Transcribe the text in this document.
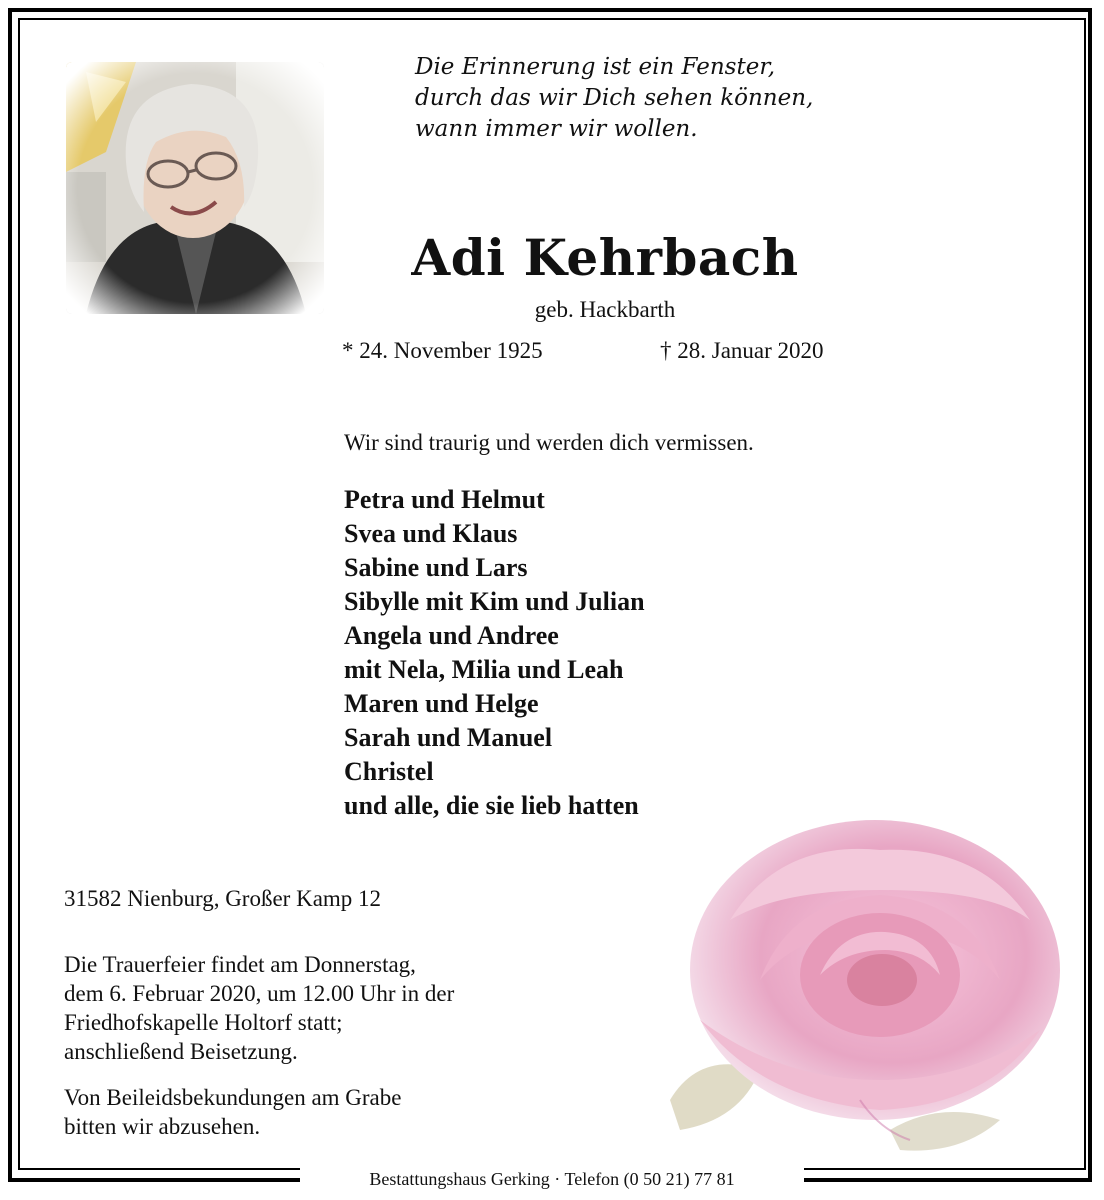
Die Erinnerung ist ein Fenster,
durch das wir Dich sehen können,
wann immer wir wollen.
Adi Kehrbach
geb. Hackbarth
* 24. November 1925	† 28. Januar 2020
Wir sind traurig und werden dich vermissen.
Petra und Helmut
Svea und Klaus
Sabine und Lars
Sibylle mit Kim und Julian
Angela und Andree
mit Nela, Milia und Leah
Maren und Helge
Sarah und Manuel
Christel
und alle, die sie lieb hatten
31582 Nienburg, Großer Kamp 12
Die Trauerfeier findet am Donnerstag,
dem 6. Februar 2020, um 12.00 Uhr in der
Friedhofskapelle Holtorf statt;
anschließend Beisetzung.
Von Beileidsbekundungen am Grabe
bitten wir abzusehen.
Bestattungshaus Gerking · Telefon (0 50 21) 77 81
